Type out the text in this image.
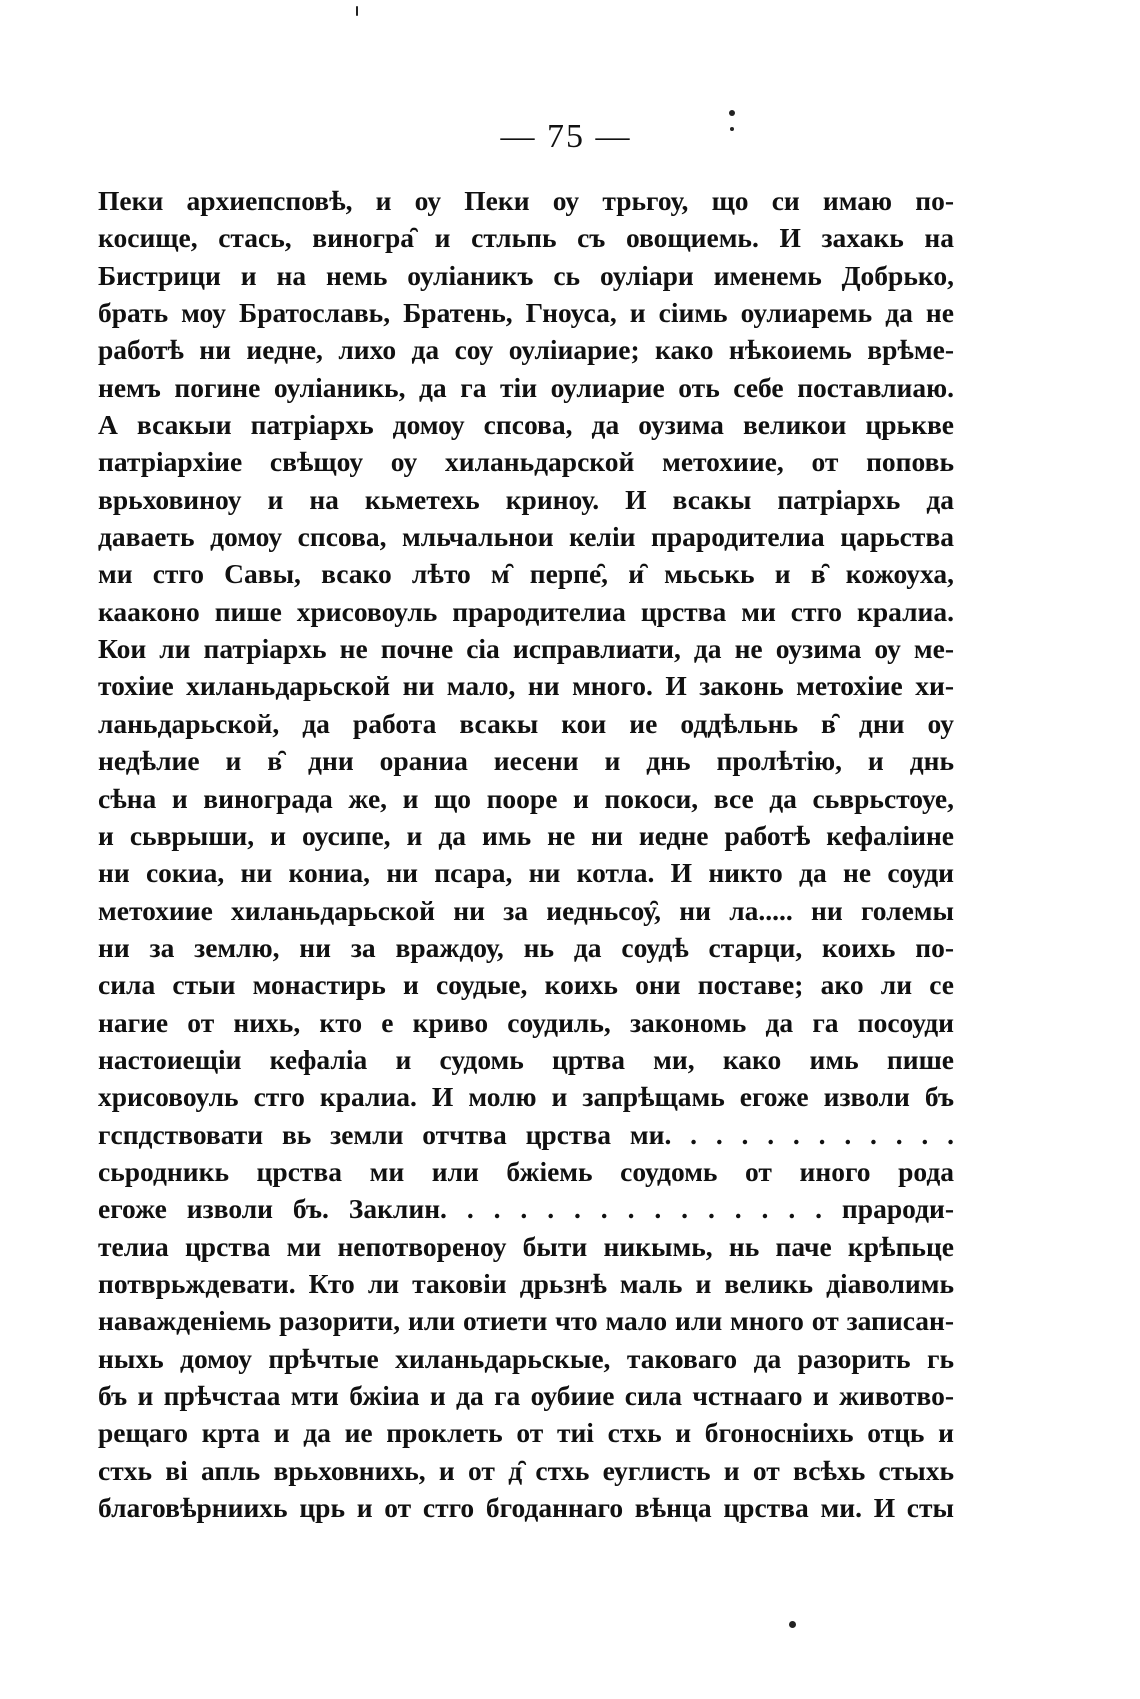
— 75 —
Пеки архиепсповѣ, и оу Пеки оу трьгоу, що си имаю по-
косище, стась, виногра̑ и стльпь съ овощиемь. И захакь на
Бистрици и на немь оуліаникъ сь оуліари именемь Добрько,
брать моу Братославь, Братень, Гноуса, и сіимь оулиаремь да не
работѣ ни иедне, лихо да соу оуліиарие; како нѣкоиемь врѣме-
немъ погине оуліаникь, да га тіи оулиарие оть себе поставлиаю.
А всакыи патріархь домоу спсова, да оузима великои црькве
патріархіие свѣщоу оу хиланьдарской метохиие, от поповь
врьховиноу и на кьметехь криноу. И всакы патріархь да
даваеть домоу спсова, мльчальнои келіи прародителиа царьства
ми стго Савы, всако лѣто м̑ перпе̑, и̑ мьськь и в̑ кожоуха,
кааконо пише хрисовоуль прародителиа црства ми стго кралиа.
Кои ли патріархь не почне сіа исправлиати, да не оузима оу ме-
тохіие хиланьдарьской ни мало, ни много. И законь метохіие хи-
ланьдарьской, да работа всакы кои ие оддѣльнь в̑ дни оу
недѣлие и в̑ дни ораниа иесени и днь пролѣтію, и днь
сѣна и винограда же, и що пооре и покоси, все да сьврьстоуе,
и сьврыши, и оусипе, и да имь не ни иедне работѣ кефаліине
ни сокиа, ни кониа, ни псара, ни котла. И никто да не соуди
метохиие хиланьдарьской ни за иедньсоу̑, ни ла..... ни големы
ни за землю, ни за враждоу, нь да соудѣ старци, коихь по-
сила стыи монастирь и соудые, коихь они поставе; ако ли се
нагие от нихь, кто е криво соудиль, закономь да га посоуди
настоиещіи кефаліа и судомь цртва ми, како имь пише
хрисовоуль стго кралиа. И молю и запрѣщамь егоже изволи бъ
гспдствовати вь земли отчтва црства ми. . . . . . . . . . . .
сьродникь црства ми или бжіемь соудомь от иного рода
егоже изволи бъ. Заклин. . . . . . . . . . . . . . . прароди-
телиа црства ми непотвореноу быти никымь, нь паче крѣпьце
потврьждевати. Кто ли таковіи дрьзнѣ маль и великь діаволимь
наважденіемь разорити, или отиети что мало или много от записан-
ныхь домоу прѣчтые хиланьдарьскые, таковаго да разорить гь
бъ и прѣчстаа мти бжіиа и да га оубиие сила чстнааго и животво-
рещаго крта и да ие проклеть от тиі стхь и бгоносніихь отць и
стхь ві апль врьховнихь, и от д̑ стхь еуглисть и от всѣхь стыхь
благовѣрниихь црь и от стго бгоданнаго вѣнца црства ми. И сты
